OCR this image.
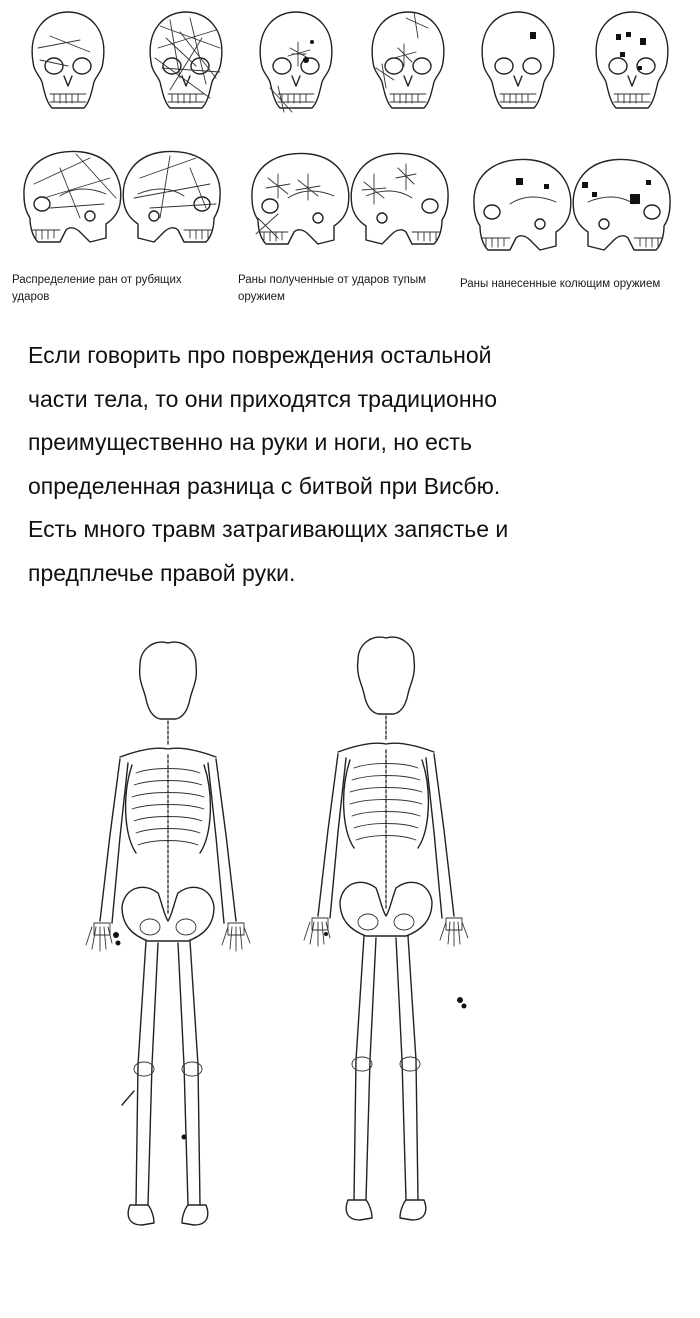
Распределение ран от рубящих ударов
Раны полученные от ударов тупым оружием
Раны нанесенные колющим оружием
Если говорить про повреждения остальной
части тела, то они приходятся традиционно
преимущественно на руки и ноги, но есть
определенная разница с битвой при Висбю.
Есть много травм затрагивающих запястье и
предплечье правой руки.
